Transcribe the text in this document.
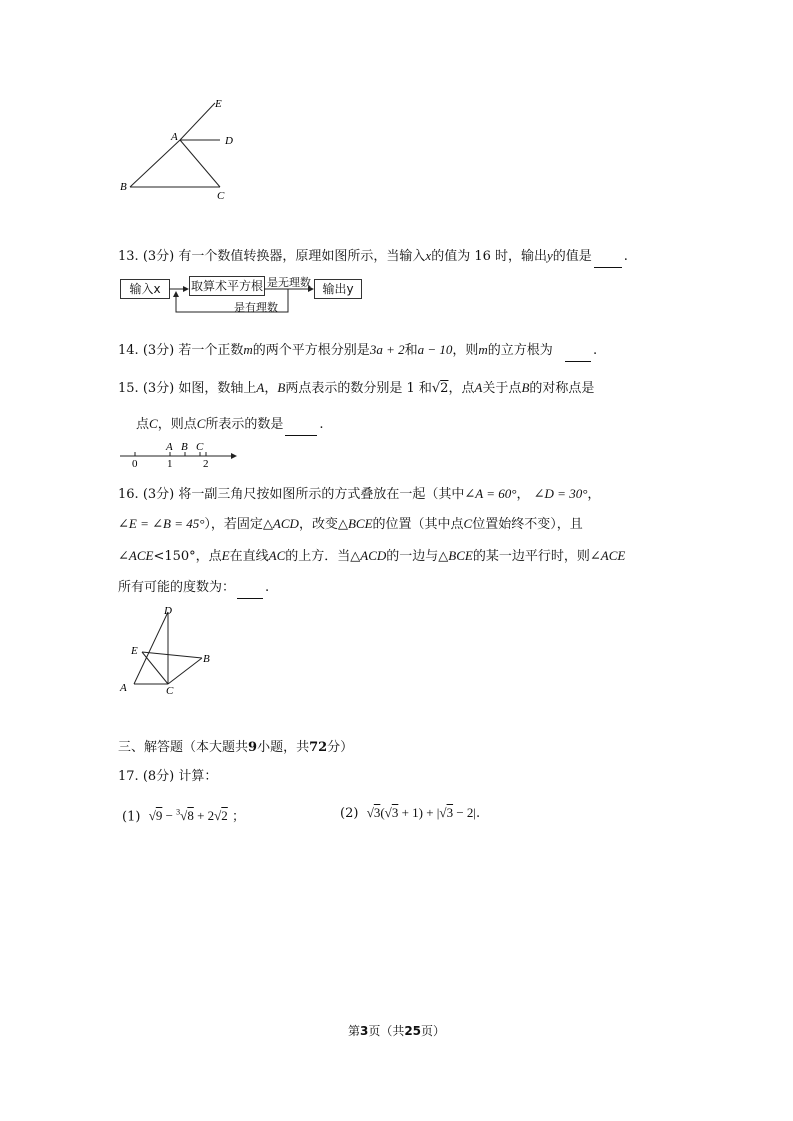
E
A	D
B
C
13. (3分) 有一个数值转换器，原理如图所示，当输入x的值为 16 时，输出y的值是 .
输入x	取算术平方根	输出y
是无理数
是有理数
14. (3分) 若一个正数m的两个平方根分别是3a + 2和a − 10，则m的立方根为	.
15. (3分) 如图，数轴上A，B两点表示的数分别是 1 和√2，点A关于点B的对称点是
点C，则点C所表示的数是	.
A B C
0	1	2
16. (3分) 将一副三角尺按如图所示的方式叠放在一起（其中∠A = 60°， ∠D = 30°，
∠E = ∠B = 45°），若固定△ACD，改变△BCE的位置（其中点C位置始终不变），且
∠ACE<150°，点E在直线AC的上方．当△ACD的一边与△BCE的某一边平行时，则∠ACE
所有可能的度数为： .
D
E
B
A	C
三、解答题（本大题共9小题，共72分）
17. (8分) 计算：
(1) √9 − $^3$√8 + 2√2 ；	(2) √3(√3 + 1) + |√3 − 2|.
第3页（共25页）
